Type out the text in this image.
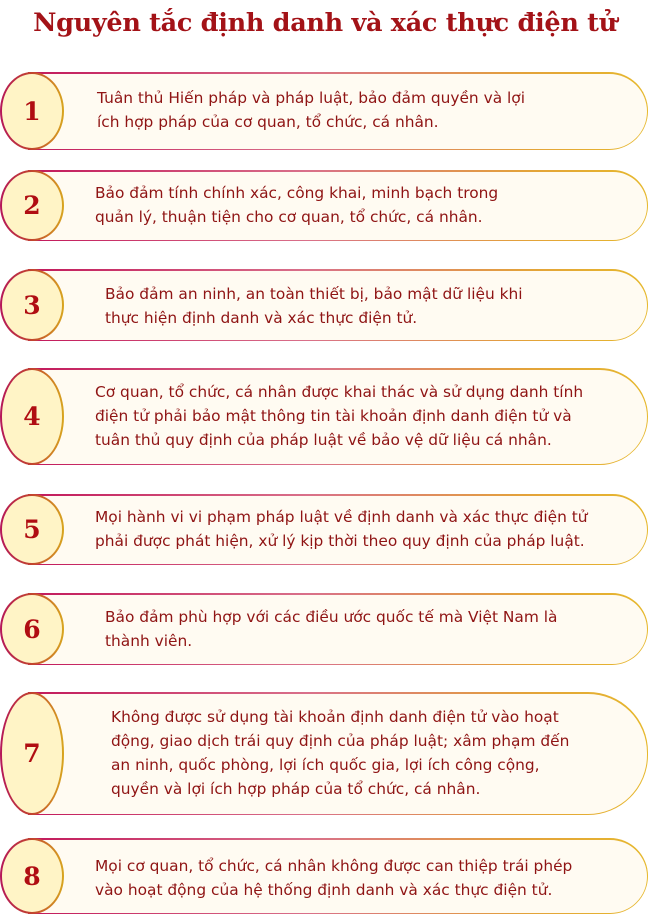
Nguyên tắc định danh và xác thực điện tử
1	Tuân thủ Hiến pháp và pháp luật, bảo đảm quyền và lợi
ích hợp pháp của cơ quan, tổ chức, cá nhân.
2	Bảo đảm tính chính xác, công khai, minh bạch trong
quản lý, thuận tiện cho cơ quan, tổ chức, cá nhân.
3	Bảo đảm an ninh, an toàn thiết bị, bảo mật dữ liệu khi
thực hiện định danh và xác thực điện tử.
4
Cơ quan, tổ chức, cá nhân được khai thác và sử dụng danh tính
điện tử phải bảo mật thông tin tài khoản định danh điện tử và
tuân thủ quy định của pháp luật về bảo vệ dữ liệu cá nhân.
5	Mọi hành vi vi phạm pháp luật về định danh và xác thực điện tử
phải được phát hiện, xử lý kịp thời theo quy định của pháp luật.
6	Bảo đảm phù hợp với các điều ước quốc tế mà Việt Nam là
thành viên.
7
Không được sử dụng tài khoản định danh điện tử vào hoạt
động, giao dịch trái quy định của pháp luật; xâm phạm đến
an ninh, quốc phòng, lợi ích quốc gia, lợi ích công cộng,
quyền và lợi ích hợp pháp của tổ chức, cá nhân.
8	Mọi cơ quan, tổ chức, cá nhân không được can thiệp trái phép
vào hoạt động của hệ thống định danh và xác thực điện tử.
